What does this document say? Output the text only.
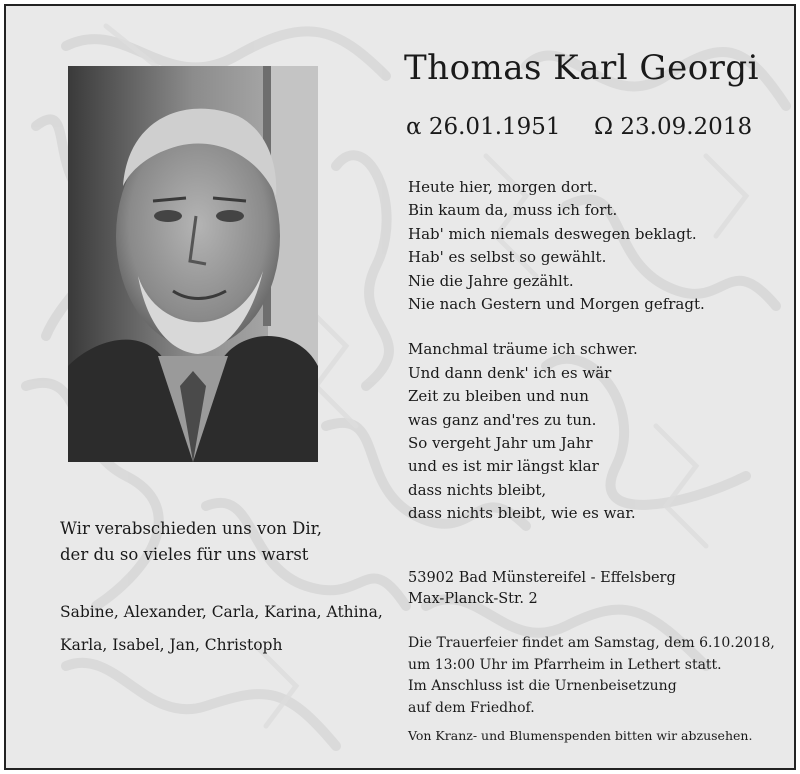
Thomas Karl Georgi
α 26.01.1951 Ω 23.09.2018

Heute hier, morgen dort.

Bin kaum da, muss ich fort.

Hab' mich niemals deswegen beklagt.

Hab' es selbst so gewählt.

Nie die Jahre gezählt.

Nie nach Gestern und Morgen gefragt.

Manchmal träume ich schwer.

Und dann denk' ich es wär

Zeit zu bleiben und nun

was ganz and'res zu tun.

So vergeht Jahr um Jahr

und es ist mir längst klar

dass nichts bleibt,

dass nichts bleibt, wie es war.

Wir verabschieden uns von Dir,

der du so vieles für uns warst

Sabine, Alexander, Carla, Karina, Athina,

Karla, Isabel, Jan, Christoph

53902 Bad Münstereifel - Effelsberg

Max-Planck-Str. 2

Die Trauerfeier findet am Samstag, dem 6.10.2018,

um 13:00 Uhr im Pfarrheim in Lethert statt.

Im Anschluss ist die Urnenbeisetzung

auf dem Friedhof.

Von Kranz- und Blumenspenden bitten wir abzusehen.
